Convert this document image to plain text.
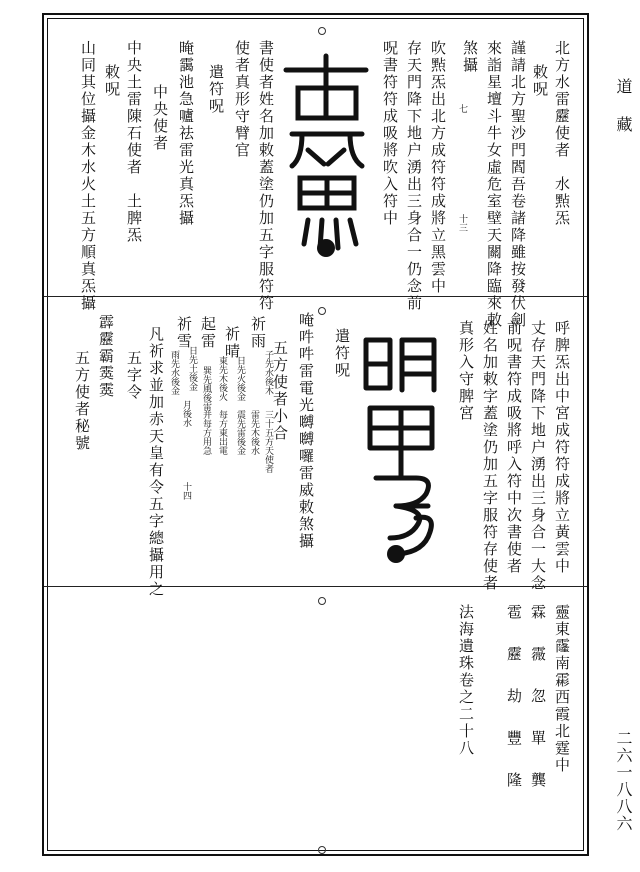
道藏
二六一八八六
北方水雷靂使者　水㸃炁
敕呪
謹請北方聖沙門閻吾卷諸降雖按發伏劍
來詣星壇斗牛女虛危室壁天關降臨來敕
煞攝
吹㸃炁出北方成符符成將立黑雲中
存天門降下地户湧出三身合一仍念前
呪書符符成吸將吹入符中	十三
七
書使者姓名加敕蓋塗仍加五字服符符
使者真形守臂官
遣符呪
晻靄池急嚧祛雷光真炁攝
中央土雷陳石使者　土脾炁
敕呪
中央使者
山同其位攝金木水火土五方順真炁攝
呼脾炁出中宮成符符成將立黃雲中
丈存天門降下地户湧出三身合一大念
前呪書符成吸將呼入符中次書使者
姓名加敕字蓋塗仍加五字服符存使者
真形入守脾宮
遣符呪
唵吽吽雷電光嚩嚩囉雷威敕煞攝
五方使者小合
祈雨
祈晴
起雷
祈雪
子先水後木
日先火後金
東先木後火
日先土後金
雨先水後金
月後水
巽先風後雷
雷先木後水 三十五方天使者
震先雷後金
每方東出電
并每方用急
十四
凡祈求並加赤天皇有令五字總攝用之
五字令
霹靂霸霙霙
五方使者秘號
靈東霳南霦西霞北霆中
霖　霺　忽　單　龔
雹　靂　劫　豐　隆
法海遺珠卷之二十八
